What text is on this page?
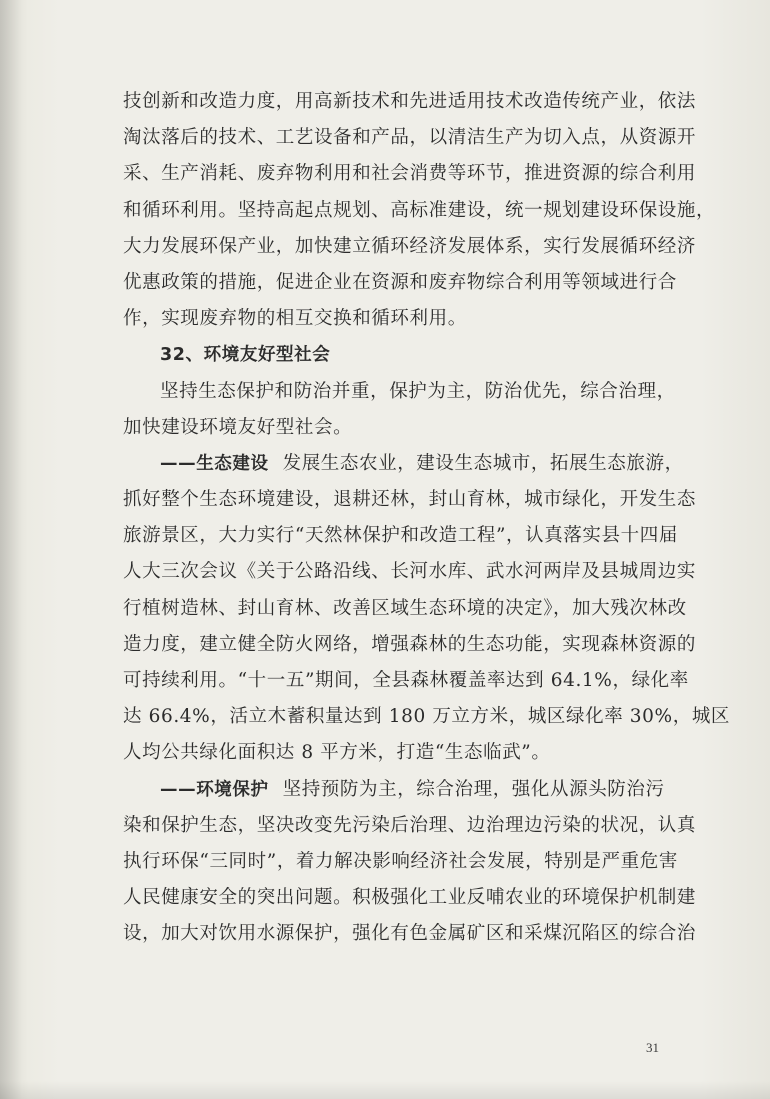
技创新和改造力度，用高新技术和先进适用技术改造传统产业，依法
淘汰落后的技术、工艺设备和产品，以清洁生产为切入点，从资源开
采、生产消耗、废弃物利用和社会消费等环节，推进资源的综合利用
和循环利用。坚持高起点规划、高标准建设，统一规划建设环保设施，
大力发展环保产业，加快建立循环经济发展体系，实行发展循环经济
优惠政策的措施，促进企业在资源和废弃物综合利用等领域进行合
作，实现废弃物的相互交换和循环利用。
32、环境友好型社会
坚持生态保护和防治并重，保护为主，防治优先，综合治理，
加快建设环境友好型社会。
——生态建设 发展生态农业，建设生态城市，拓展生态旅游，
抓好整个生态环境建设，退耕还林，封山育林，城市绿化，开发生态
旅游景区，大力实行“天然林保护和改造工程”，认真落实县十四届
人大三次会议《关于公路沿线、长河水库、武水河两岸及县城周边实
行植树造林、封山育林、改善区域生态环境的决定》，加大残次林改
造力度，建立健全防火网络，增强森林的生态功能，实现森林资源的
可持续利用。“十一五”期间，全县森林覆盖率达到 64.1%，绿化率
达 66.4%，活立木蓄积量达到 180 万立方米，城区绿化率 30%，城区
人均公共绿化面积达 8 平方米，打造“生态临武”。
——环境保护 坚持预防为主，综合治理，强化从源头防治污
染和保护生态，坚决改变先污染后治理、边治理边污染的状况，认真
执行环保“三同时”，着力解决影响经济社会发展，特别是严重危害
人民健康安全的突出问题。积极强化工业反哺农业的环境保护机制建
设，加大对饮用水源保护，强化有色金属矿区和采煤沉陷区的综合治
31
